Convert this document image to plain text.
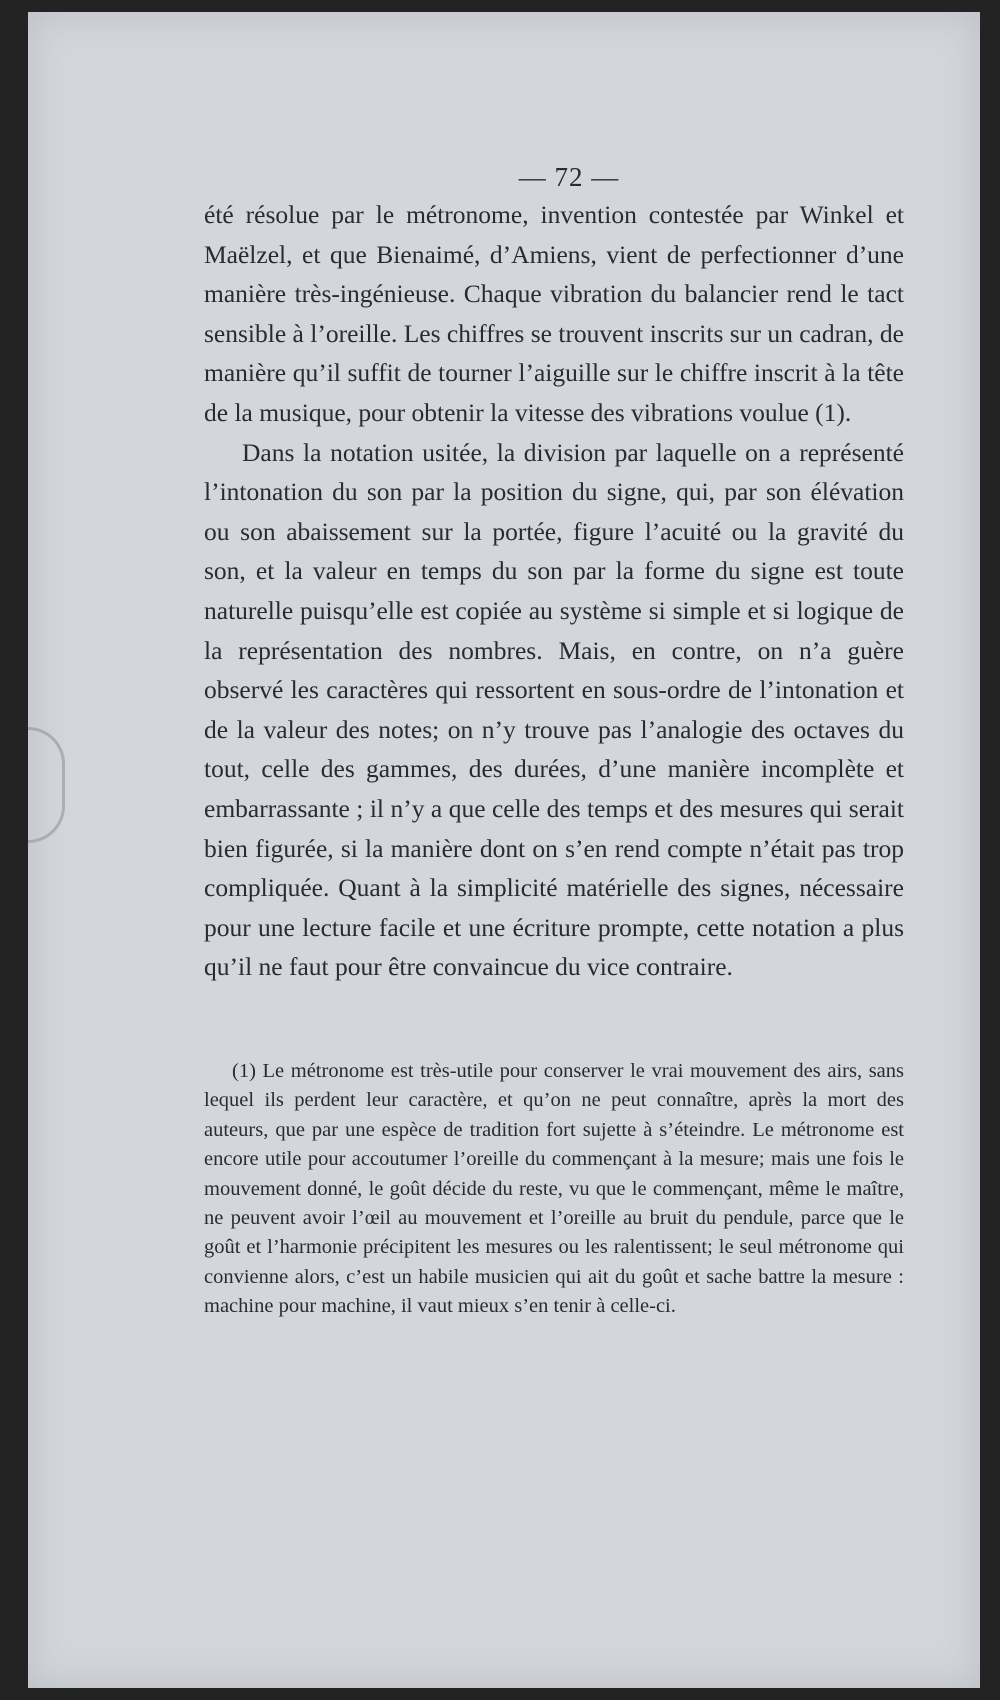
— 72 —

été résolue par le métronome, invention contestée par Winkel et Maëlzel, et que Bienaimé, d’Amiens, vient de perfectionner d’une manière très-ingénieuse. Chaque vibration du balancier rend le tact sensible à l’oreille. Les chiffres se trouvent inscrits sur un cadran, de manière qu’il suffit de tourner l’aiguille sur le chiffre inscrit à la tête de la musique, pour obtenir la vitesse des vibrations voulue (1).

Dans la notation usitée, la division par laquelle on a représenté l’intonation du son par la position du signe, qui, par son élévation ou son abaissement sur la portée, figure l’acuité ou la gravité du son, et la valeur en temps du son par la forme du signe est toute naturelle puisqu’elle est copiée au système si simple et si logique de la représentation des nombres. Mais, en contre, on n’a guère observé les caractères qui ressortent en sous-ordre de l’intonation et de la valeur des notes; on n’y trouve pas l’analogie des octaves du tout, celle des gammes, des durées, d’une manière incomplète et embarrassante ; il n’y a que celle des temps et des mesures qui serait bien figurée, si la manière dont on s’en rend compte n’était pas trop compliquée. Quant à la simplicité matérielle des signes, nécessaire pour une lecture facile et une écriture prompte, cette notation a plus qu’il ne faut pour être convaincue du vice contraire.

(1) Le métronome est très-utile pour conserver le vrai mouvement des airs, sans lequel ils perdent leur caractère, et qu’on ne peut connaître, après la mort des auteurs, que par une espèce de tradition fort sujette à s’éteindre. Le métronome est encore utile pour accoutumer l’oreille du commençant à la mesure; mais une fois le mouvement donné, le goût décide du reste, vu que le commençant, même le maître, ne peuvent avoir l’œil au mouvement et l’oreille au bruit du pendule, parce que le goût et l’harmonie précipitent les mesures ou les ralentissent; le seul métronome qui convienne alors, c’est un habile musicien qui ait du goût et sache battre la mesure : machine pour machine, il vaut mieux s’en tenir à celle-ci.
